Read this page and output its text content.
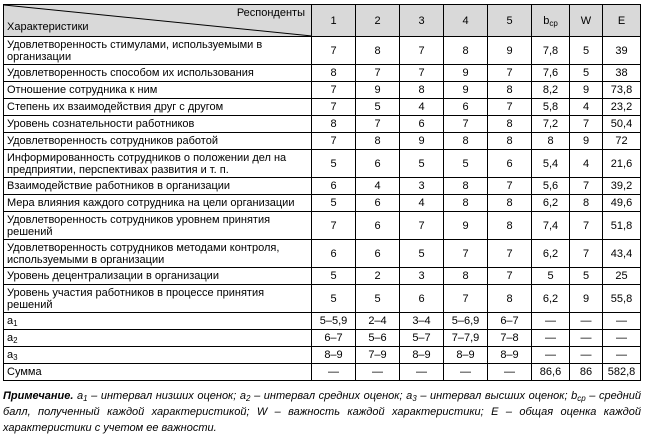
Респонденты
Характеристики	1	2	3	4	5	$b_{ср}$	W	E
Удовлетворенность стимулами, используемыми в организации	7	8	7	8	9	7,8	5	39
Удовлетворенность способом их использования	8	7	7	9	7	7,6	5	38
Отношение сотрудника к ним	7	9	8	9	8	8,2	9	73,8
Степень их взаимодействия друг с другом	7	5	4	6	7	5,8	4	23,2
Уровень сознательности работников	8	7	6	7	8	7,2	7	50,4
Удовлетворенность сотрудников работой	7	8	9	8	8	8	9	72
Информированность сотрудников о положении дел на предприятии, перспективах развития и т. п.	5	6	5	5	6	5,4	4	21,6
Взаимодействие работников в организации	6	4	3	8	7	5,6	7	39,2
Мера влияния каждого сотрудника на цели организации	5	6	4	8	8	6,2	8	49,6
Удовлетворенность сотрудников уровнем принятия решений	7	6	7	9	8	7,4	7	51,8
Удовлетворенность сотрудников методами контроля, используемыми в организации	6	6	5	7	7	6,2	7	43,4
Уровень децентрализации в организации	5	2	3	8	7	5	5	25
Уровень участия работников в процессе принятия решений	5	5	6	7	8	6,2	9	55,8
$a_1$	5–5,9	2–4	3–4	5–6,9	6–7	—	—	—
$a_2$	6–7	5–6	5–7	7–7,9	7–8	—	—	—
$a_3$	8–9	7–9	8–9	8–9	8–9	—	—	—
Сумма	—	—	—	—	—	86,6	86	582,8
Примечание. $a_1$ – интервал низших оценок; $a_2$ – интервал средних оценок; $a_3$ – интервал высших оценок; $b_{ср}$ – средний балл, полученный каждой характеристикой; W – важность каждой характеристики; E – общая оценка каждой характеристики с учетом ее важности.
